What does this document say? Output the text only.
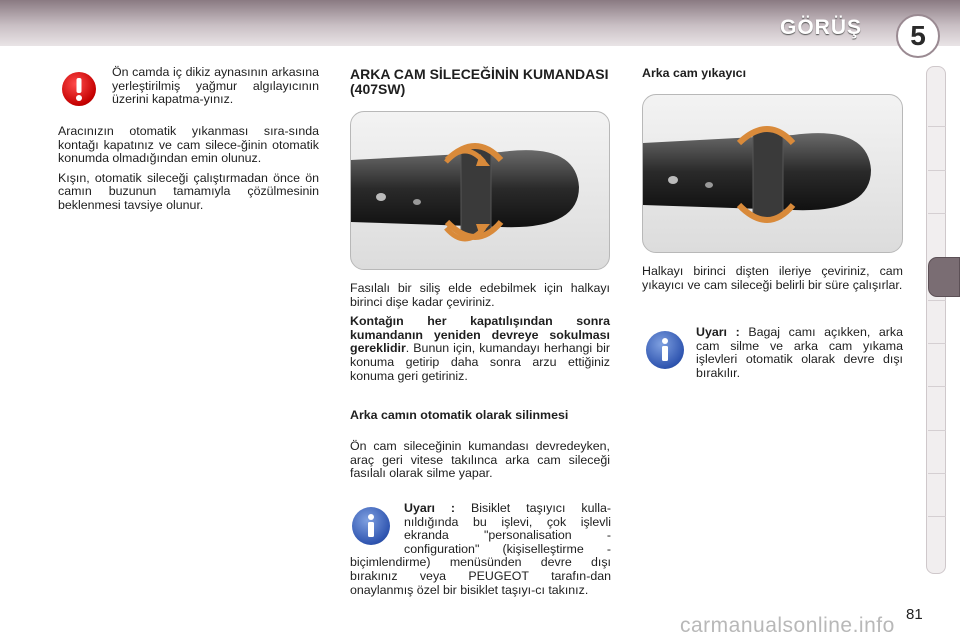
GÖRÜŞ	5
Ön camda iç dikiz aynasının arkasına yerleştirilmiş yağmur algılayıcının üzerini kapatma-yınız.

Aracınızın otomatik yıkanması sıra-sında kontağı kapatınız ve cam silece-ğinin otomatik konumda olmadığından emin olunuz.

Kışın, otomatik sileceği çalıştırmadan önce ön camın buzunun tamamıyla çözülmesinin beklenmesi tavsiye olunur.

ARKA CAM SİLECEĞİNİN KUMANDASI (407SW)

Fasılalı bir siliş elde edebilmek için halkayı birinci dişe kadar çeviriniz.

Kontağın her kapatılışından sonra kumandanın yeniden devreye sokulması gereklidir. Bunun için, kumandayı herhangi bir konuma getirip daha sonra arzu ettiğiniz konuma geri getiriniz.

Arka camın otomatik olarak silinmesi
Ön cam sileceğinin kumandası devredeyken, araç geri vitese takılınca arka cam sileceği fasılalı olarak silme yapar.
Uyarı : Bisiklet taşıyıcı kulla-nıldığında bu işlevi, çok işlevli ekranda "personalisation - configuration" (kişiselleştirme - biçimlendirme) menüsünden devre dışı bırakınız veya PEUGEOT tarafın-dan onaylanmış özel bir bisiklet taşıyı-cı takınız.
Arka cam yıkayıcı
Halkayı birinci dişten ileriye çeviriniz, cam yıkayıcı ve cam sileceği belirli bir süre çalışırlar.
Uyarı : Bagaj camı açıkken, arka cam silme ve arka cam yıkama işlevleri otomatik olarak devre dışı bırakılır.
81
carmanualsonline.info
